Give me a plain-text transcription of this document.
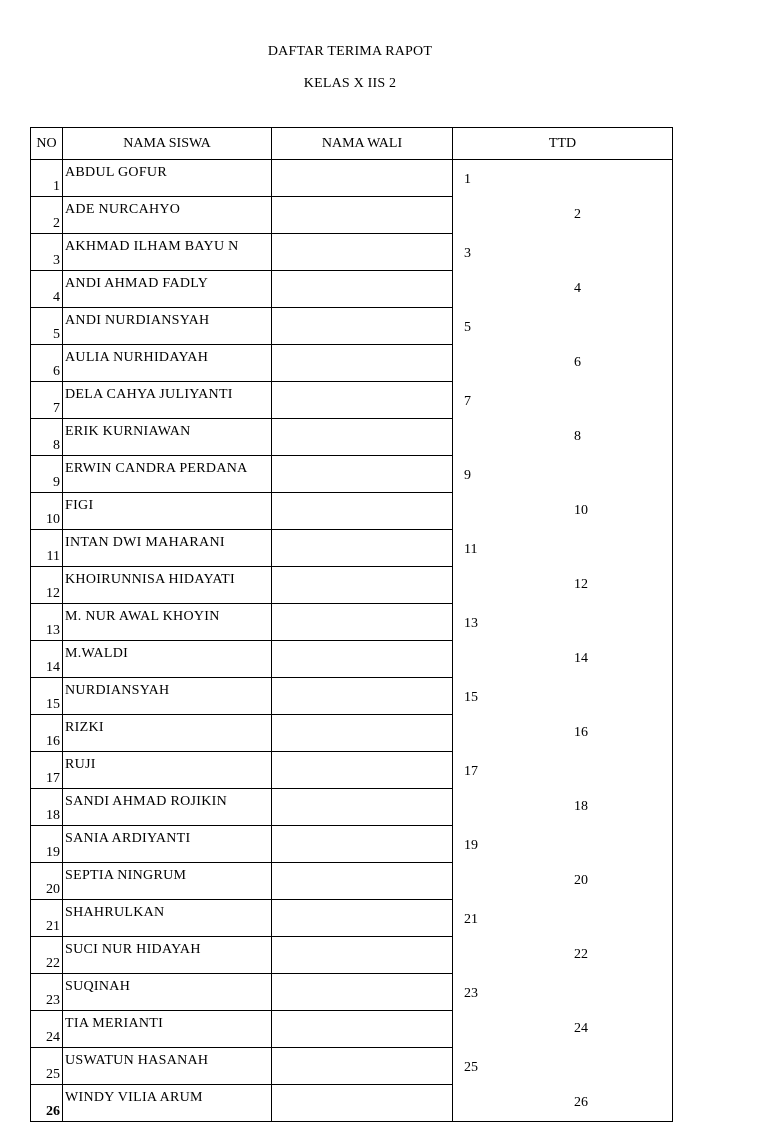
DAFTAR TERIMA RAPOT
KELAS X IIS 2
NO	NAMA SISWA	NAMA WALI	TTD
1	ABDUL GOFUR		1

2	ADE NURCAHYO		2

3	AKHMAD ILHAM BAYU N		3

4	ANDI AHMAD FADLY		4

5	ANDI NURDIANSYAH		5

6	AULIA NURHIDAYAH		6

7	DELA CAHYA JULIYANTI		7

8	ERIK KURNIAWAN		8

9	ERWIN CANDRA PERDANA		9

10	FIGI		10

11	INTAN DWI MAHARANI		11

12	KHOIRUNNISA HIDAYATI		12

13	M. NUR AWAL KHOYIN		13

14	M.WALDI		14

15	NURDIANSYAH		15

16	RIZKI		16

17	RUJI		17

18	SANDI AHMAD ROJIKIN		18

19	SANIA ARDIYANTI		19

20	SEPTIA NINGRUM		20

21	SHAHRULKAN		21

22	SUCI NUR HIDAYAH		22

23	SUQINAH		23

24	TIA MERIANTI		24

25	USWATUN HASANAH		25

26	WINDY VILIA ARUM		26
